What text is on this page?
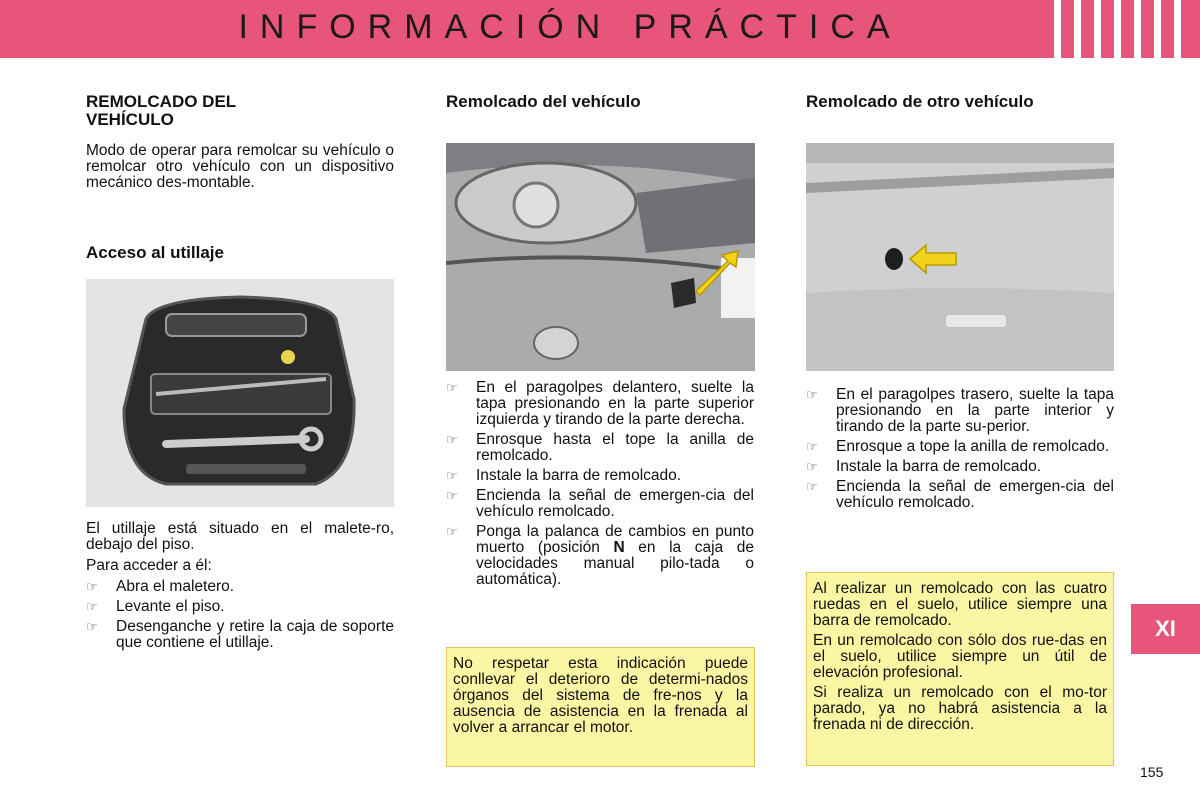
INFORMACIÓN PRÁCTICA
REMOLCADO DEL VEHÍCULO
Modo de operar para remolcar su vehículo o remolcar otro vehículo con un dispositivo mecánico des-montable.
Acceso al utillaje

El utillaje está situado en el malete-ro, debajo del piso.

Para acceder a él:

☞ Abra el maletero.
☞ Levante el piso.
☞ Desenganche y retire la caja de soporte que contiene el utillaje.
Remolcado del vehículo
☞ En el paragolpes delantero, suelte la tapa presionando en la parte superior izquierda y tirando de la parte derecha.
☞ Enrosque hasta el tope la anilla de remolcado.
☞ Instale la barra de remolcado.
☞ Encienda la señal de emergen-cia del vehículo remolcado.
☞ Ponga la palanca de cambios en punto muerto (posición N en la caja de velocidades manual pilo-tada o automática).
No respetar esta indicación puede conllevar el deterioro de determi-nados órganos del sistema de fre-nos y la ausencia de asistencia en la frenada al volver a arrancar el motor.
Remolcado de otro vehículo
☞ En el paragolpes trasero, suelte la tapa presionando en la parte interior y tirando de la parte su-perior.
☞ Enrosque a tope la anilla de remolcado.
☞ Instale la barra de remolcado.
☞ Encienda la señal de emergen-cia del vehículo remolcado.

Al realizar un remolcado con las cuatro ruedas en el suelo, utilice siempre una barra de remolcado.

En un remolcado con sólo dos rue-das en el suelo, utilice siempre un útil de elevación profesional.

Si realiza un remolcado con el mo-tor parado, ya no habrá asistencia a la frenada ni de dirección.

XI
155
